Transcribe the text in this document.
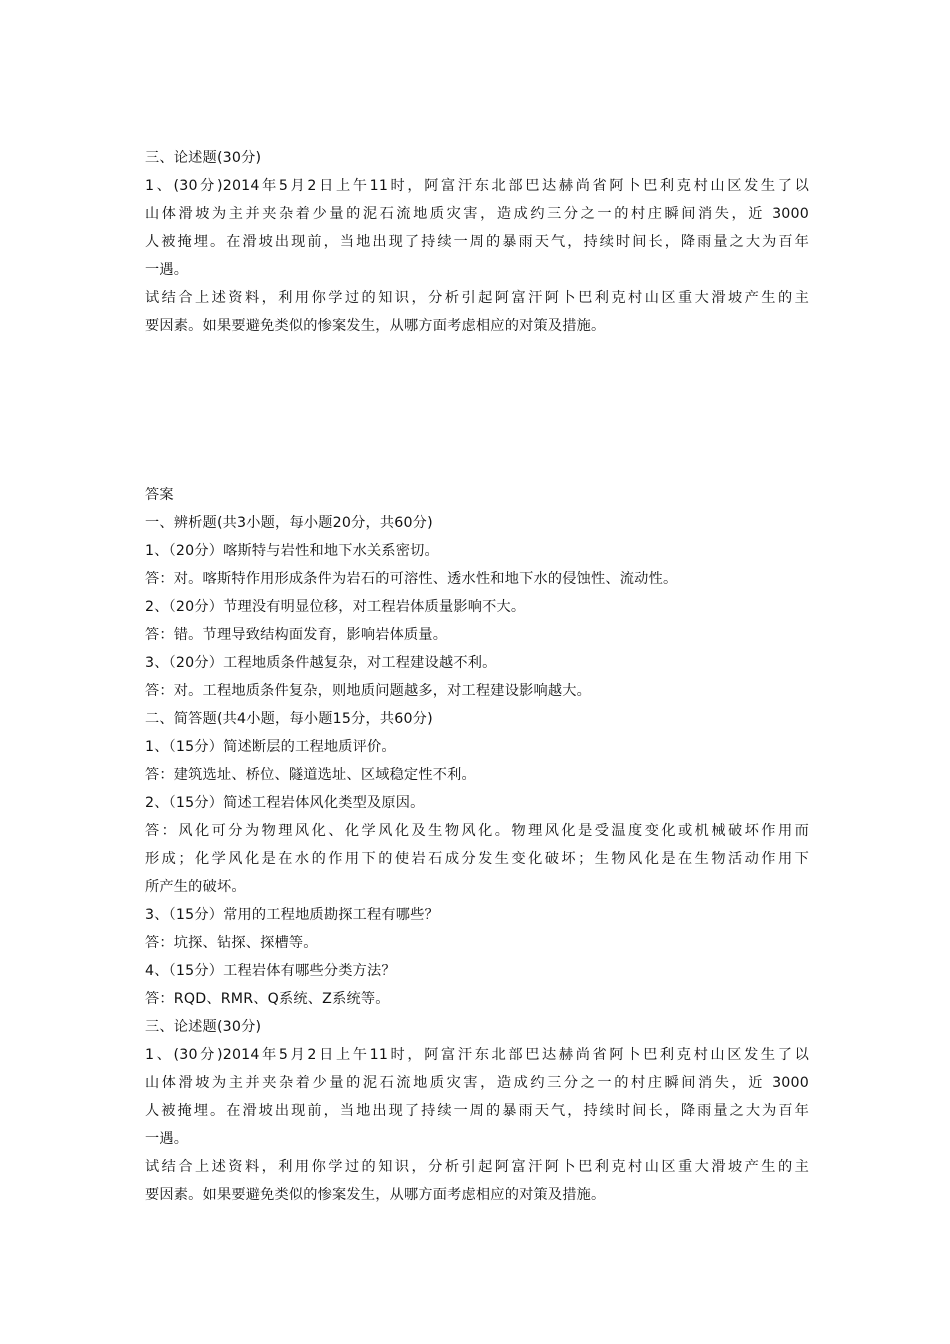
三、论述题(30分)
1、(30分)2014年5月2日上午11时，阿富汗东北部巴达赫尚省阿卜巴利克村山区发生了以
山体滑坡为主并夹杂着少量的泥石流地质灾害，造成约三分之一的村庄瞬间消失，近 3000
人被掩埋。在滑坡出现前，当地出现了持续一周的暴雨天气，持续时间长，降雨量之大为百年
一遇。
试结合上述资料，利用你学过的知识，分析引起阿富汗阿卜巴利克村山区重大滑坡产生的主
要因素。如果要避免类似的惨案发生，从哪方面考虑相应的对策及措施。
答案
一、辨析题(共3小题，每小题20分，共60分)
1、（20分）喀斯特与岩性和地下水关系密切。
答：对。喀斯特作用形成条件为岩石的可溶性、透水性和地下水的侵蚀性、流动性。
2、（20分）节理没有明显位移，对工程岩体质量影响不大。
答：错。节理导致结构面发育，影响岩体质量。
3、（20分）工程地质条件越复杂，对工程建设越不利。
答：对。工程地质条件复杂，则地质问题越多，对工程建设影响越大。
二、简答题(共4小题，每小题15分，共60分)
1、（15分）简述断层的工程地质评价。
答：建筑选址、桥位、隧道选址、区域稳定性不利。
2、（15分）简述工程岩体风化类型及原因。
答：风化可分为物理风化、化学风化及生物风化。物理风化是受温度变化或机械破坏作用而
形成；化学风化是在水的作用下的使岩石成分发生变化破坏；生物风化是在生物活动作用下
所产生的破坏。
3、（15分）常用的工程地质勘探工程有哪些？
答：坑探、钻探、探槽等。
4、（15分）工程岩体有哪些分类方法？
答：RQD、RMR、Q系统、Z系统等。
三、论述题(30分)
1、(30分)2014年5月2日上午11时，阿富汗东北部巴达赫尚省阿卜巴利克村山区发生了以
山体滑坡为主并夹杂着少量的泥石流地质灾害，造成约三分之一的村庄瞬间消失，近 3000
人被掩埋。在滑坡出现前，当地出现了持续一周的暴雨天气，持续时间长，降雨量之大为百年
一遇。
试结合上述资料，利用你学过的知识，分析引起阿富汗阿卜巴利克村山区重大滑坡产生的主
要因素。如果要避免类似的惨案发生，从哪方面考虑相应的对策及措施。
